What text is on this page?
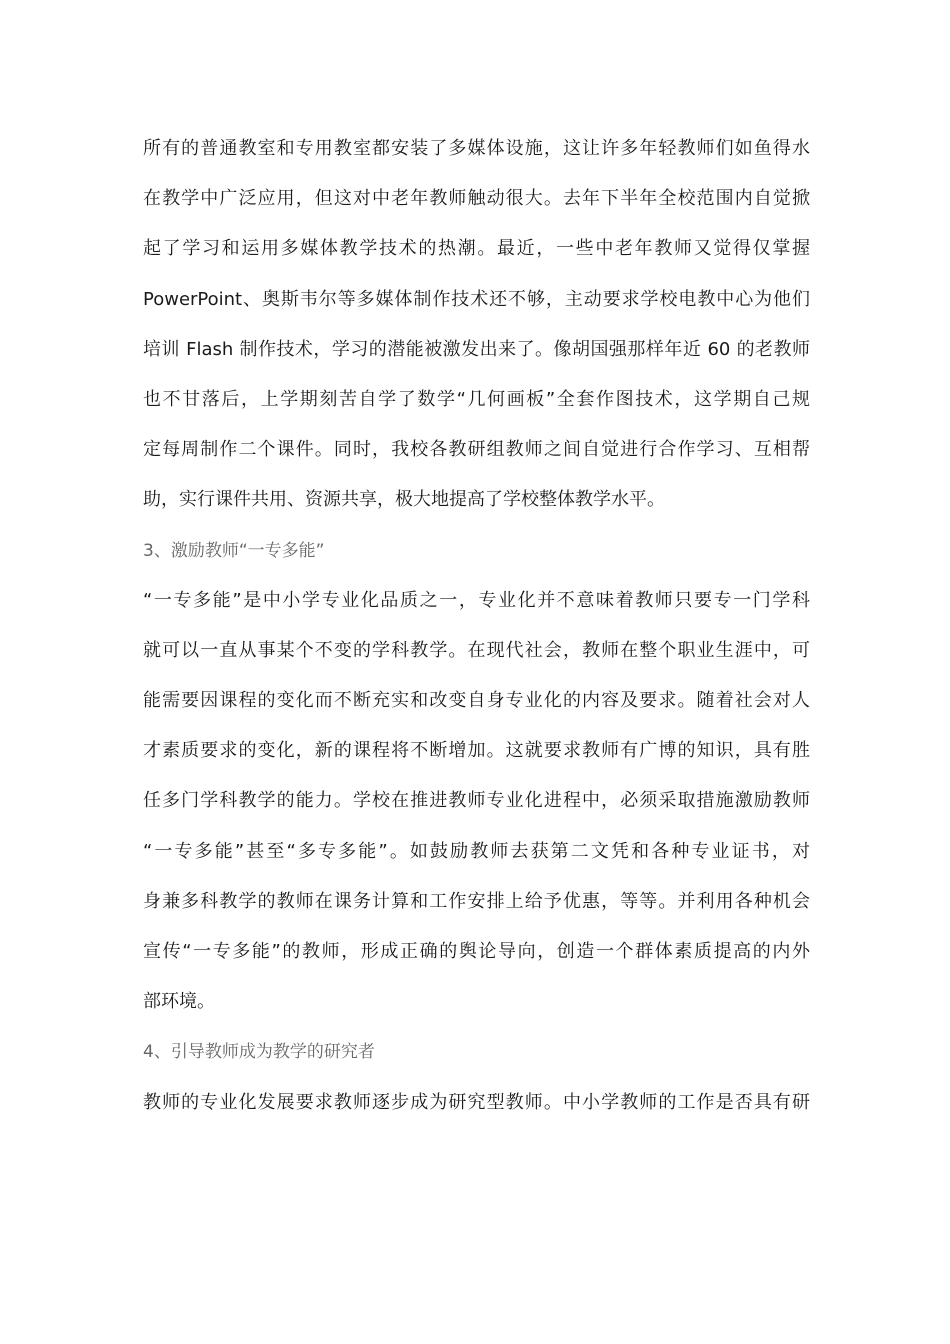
所有的普通教室和专用教室都安装了多媒体设施，这让许多年轻教师们如鱼得水
在教学中广泛应用，但这对中老年教师触动很大。去年下半年全校范围内自觉掀
起了学习和运用多媒体教学技术的热潮。最近，一些中老年教师又觉得仅掌握
PowerPoint、奥斯韦尔等多媒体制作技术还不够，主动要求学校电教中心为他们
培训 Flash 制作技术，学习的潜能被激发出来了。像胡国强那样年近 60 的老教师
也不甘落后，上学期刻苦自学了数学“几何画板”全套作图技术，这学期自己规
定每周制作二个课件。同时，我校各教研组教师之间自觉进行合作学习、互相帮
助，实行课件共用、资源共享，极大地提高了学校整体教学水平。
3、激励教师“一专多能”
“一专多能”是中小学专业化品质之一，专业化并不意味着教师只要专一门学科
就可以一直从事某个不变的学科教学。在现代社会，教师在整个职业生涯中，可
能需要因课程的变化而不断充实和改变自身专业化的内容及要求。随着社会对人
才素质要求的变化，新的课程将不断增加。这就要求教师有广博的知识，具有胜
任多门学科教学的能力。学校在推进教师专业化进程中，必须采取措施激励教师
“一专多能”甚至“多专多能”。如鼓励教师去获第二文凭和各种专业证书，对
身兼多科教学的教师在课务计算和工作安排上给予优惠，等等。并利用各种机会
宣传“一专多能”的教师，形成正确的舆论导向，创造一个群体素质提高的内外
部环境。
4、引导教师成为教学的研究者
教师的专业化发展要求教师逐步成为研究型教师。中小学教师的工作是否具有研
